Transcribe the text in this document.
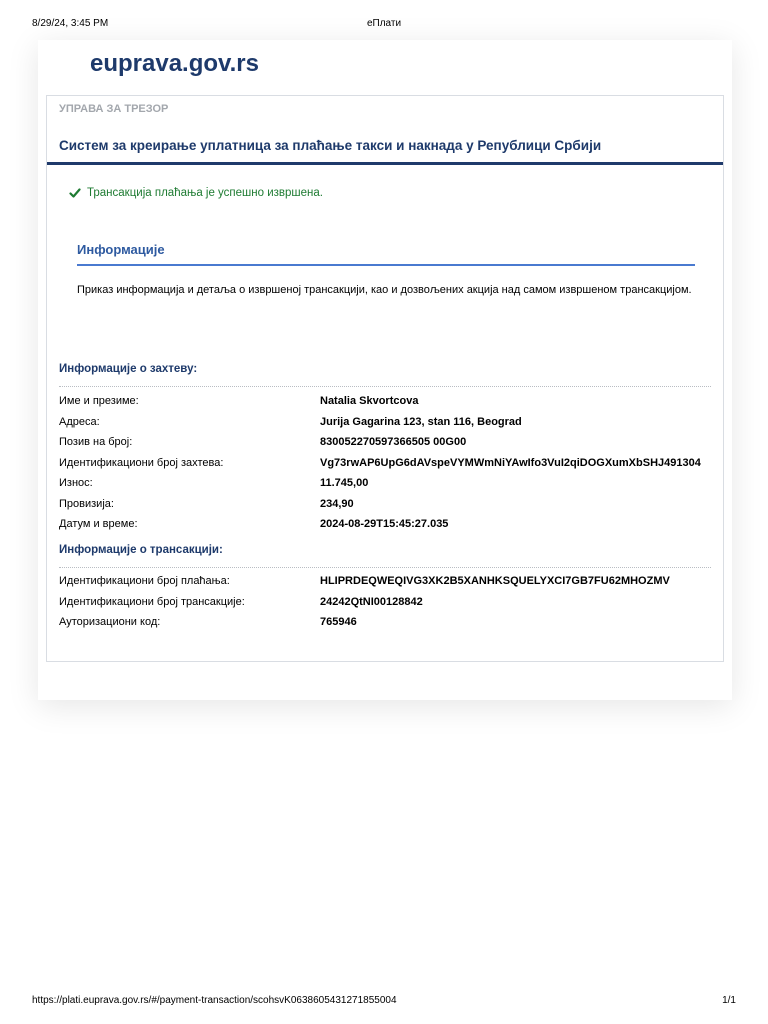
8/29/24, 3:45 PM	еПлати
euprava.gov.rs
УПРАВА ЗА ТРЕЗОР
Систем за креирање уплатница за плаћање такси и накнада у Републици Србији
Трансакција плаћања је успешно извршена.
Информације
Приказ информација и детаља о извршеној трансакцији, као и дозвољених акција над самом извршеном трансакцијом.
Информације о захтеву:
Име и презиме:	Natalia Skvortcova
Адреса:	Jurija Gagarina 123, stan 116, Beograd
Позив на број:	830052270597366505 00G00
Идентификациони број захтева:	Vg73rwAP6UpG6dAVspeVYMWmNiYAwIfo3VuI2qiDOGXumXbSHJ491304
Износ:	11.745,00
Провизија:	234,90
Датум и време:	2024-08-29T15:45:27.035
Информације о трансакцији:
Идентификациони број плаћања:	HLIPRDEQWEQIVG3XK2B5XANHKSQUELYXCI7GB7FU62MHOZMV
Идентификациони број трансакције:	24242QtNI00128842
Ауторизациони код:	765946
https://plati.euprava.gov.rs/#/payment-transaction/scohsvK0638605431271855004	1/1
